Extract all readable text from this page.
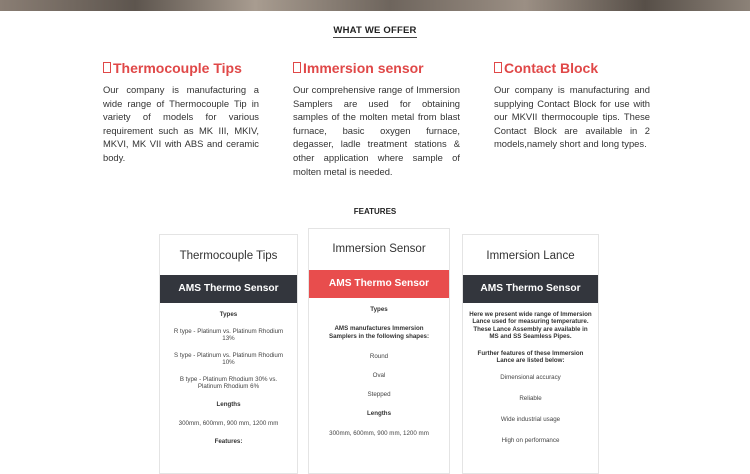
WHAT WE OFFER
Thermocouple Tips

Our company is manufacturing a wide range of Thermocouple Tip in variety of models for various requirement such as MK III, MKIV, MKVI, MK VII with ABS and ceramic body.

Immersion sensor

Our comprehensive range of Immersion Samplers are used for obtaining samples of the molten metal from blast furnace, basic oxygen furnace, degasser, ladle treatment stations & other application where sample of molten metal is needed.

Contact Block

Our company is manufacturing and supplying Contact Block for use with our MKVII thermocouple tips. These Contact Block are available in 2 models,namely short and long types.

FEATURES
Thermocouple Tips
AMS Thermo Sensor
Types
R type - Platinum vs. Platinum Rhodium 13%
S type - Platinum vs. Platinum Rhodium 10%
B type - Platinum Rhodium 30% vs. Platinum Rhodium 6%
Lengths
300mm, 600mm, 900 mm, 1200 mm
Features:
Immersion Sensor
AMS Thermo Sensor
Types
AMS manufactures Immersion Samplers in the following shapes:
Round
Oval
Stepped
Lengths
300mm, 600mm, 900 mm, 1200 mm
Immersion Lance
AMS Thermo Sensor
Here we present wide range of Immersion Lance used for measuring temperature. These Lance Assembly are available in MS and SS Seamless Pipes.
Further features of these Immersion Lance are listed below:
Dimensional accuracy
Reliable
Wide industrial usage
High on performance
